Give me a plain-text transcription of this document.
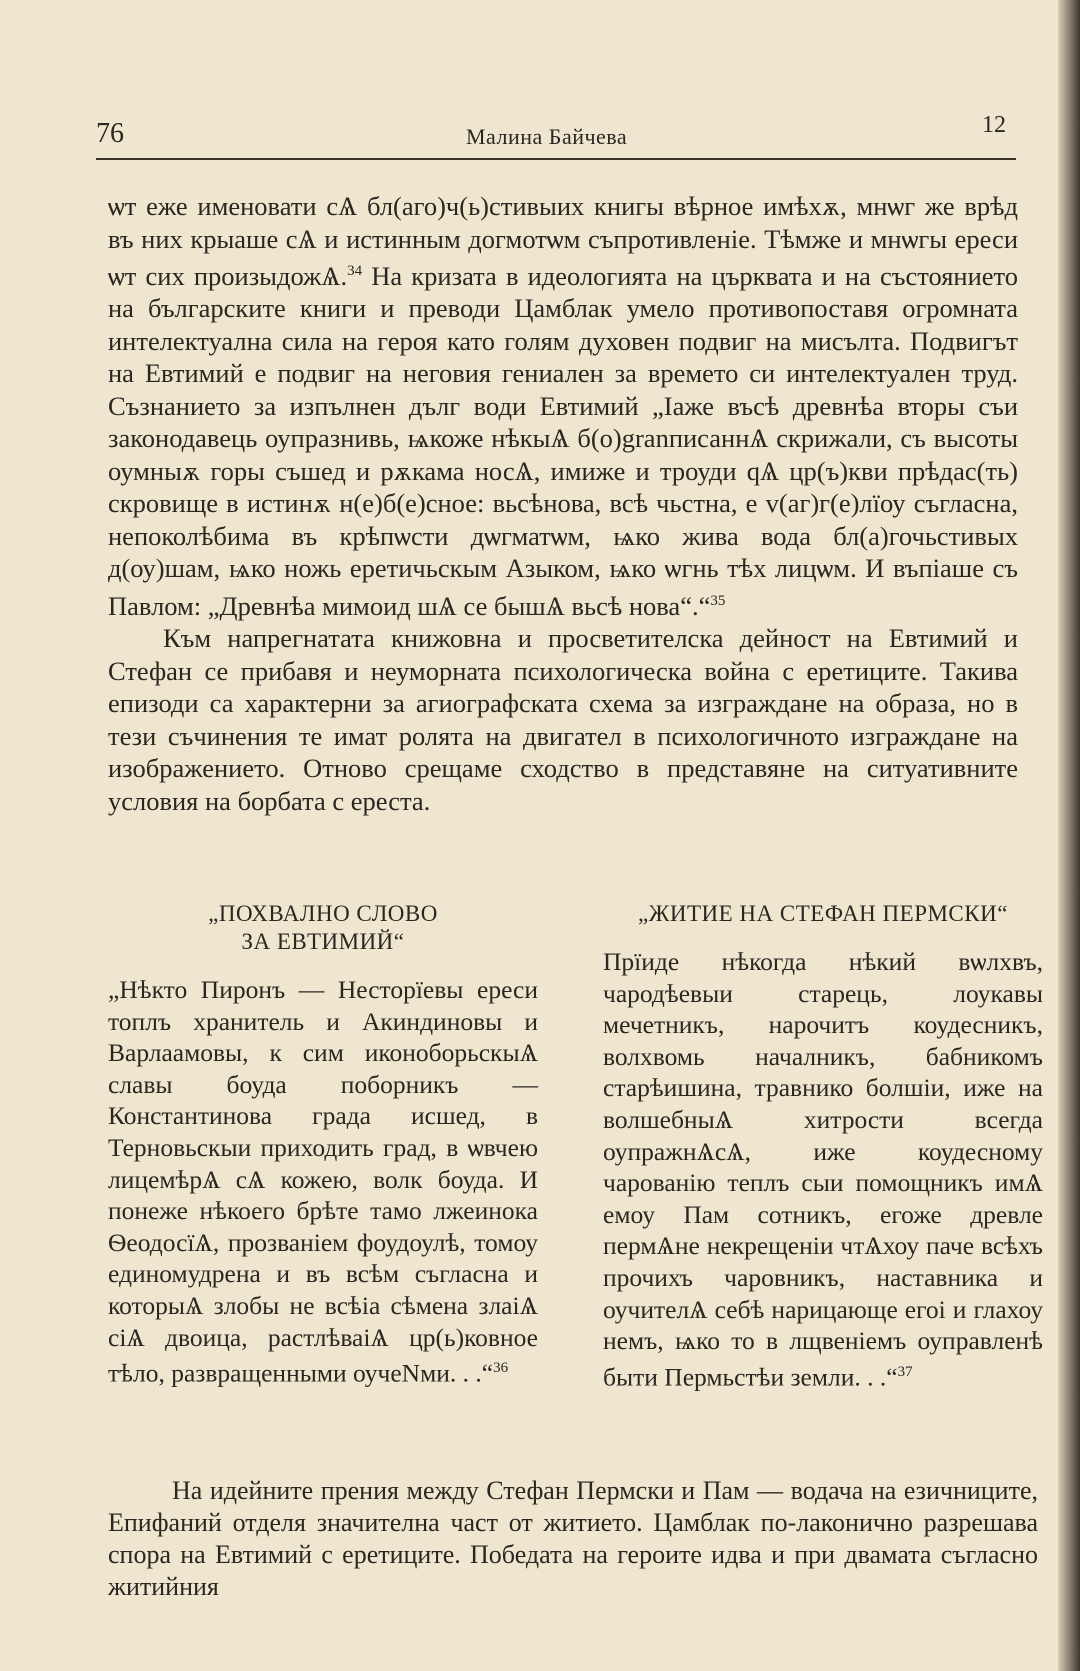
76	Малина Байчева	12

ѡт еже именовати сѦ бл(аго)ч(ь)стивыих книгы вѣрное имѣхѫ, мнѡг же врѣд въ них крыаше сѦ и истинным догмотѡм съпротивленіе. Тѣмже и мнѡгы ереси ѡт сих произыдожѦ.$^{34}$ На кризата в идеологията на църквата и на състоянието на българските книги и преводи Цамблак умело противопоставя огромната интелектуална сила на героя като голям духовен подвиг на мисълта. Подвигът на Евтимий е подвиг на неговия гениален за времето си интелектуален труд. Съзнанието за изпълнен дълг води Евтимий „Іаже въсѣ древнѣа вторы съи законодавець оупразнивь, ѩкоже нѣкыѦ б(о)granписаннѦ скрижали, съ высоты оумныѫ горы съшед и рѫкама носѦ, имиже и троуди qѦ цр(ъ)кви прѣдас(ть) скровище в истинѫ н(е)б(е)сное: вьсѣнова, всѣ чьстна, е v(аг)г(е)лїоу съгласна, непоколѣбима въ крѣпѡсти дѡгматѡм, ѩко жива вода бл(а)гочьстивых д(оу)шам, ѩко ножь еретичьскым Азыком, ѩко ѡгнь тѣх лицѡм. И въпіаше съ Павлом: „Древнѣа мимоид шѦ се бышѦ вьсѣ нова“.“$^{35}$

Към напрегнатата книжовна и просветителска дейност на Евтимий и Стефан се прибавя и неуморната психологическа война с еретиците. Такива епизоди са характерни за агиографската схема за изграждане на образа, но в тези съчинения те имат ролята на двигател в психологичното изграждане на изображението. Отново срещаме сходство в представяне на ситуативните условия на борбата с ереста.

„ПОХВАЛНО СЛОВО
ЗА ЕВТИМИЙ“

„Нѣкто Пиронъ — Несторїевы ереси топлъ хранитель и Акиндиновы и Варлаамовы, к сим иконоборьскыѦ славы боуда поборникъ — Константинова града исшед, в Терновьскыи приходить град, в ѡвчею лицемѣрѦ сѦ кожею, волк боуда. И понеже нѣкоего брѣте тамо лжеинока ѲеодосїѦ, прозваніем фоудоулѣ, томоу единомудрена и въ всѣм съгласна и которыѦ злобы не всѣіа сѣмена злаіѦ сіѦ двоица, растлѣваіѦ цр(ь)ковное тѣло, развращенными оучеNми. . .“$^{36}$

„ЖИТИЕ НА СТЕФАН ПЕРМСКИ“

Прїиде нѣкогда нѣкий вѡлхвъ, чародѣевыи старець, лоукавы мечетникъ, нарочитъ коудесникъ, волхвомь началникъ, бабникомъ старѣишина, травнико болшіи, иже на волшебныѦ хитрости всегда оупражнѦсѦ, иже коудесному чарованію теплъ сыи помощникъ имѦ емоу Пам сотникъ, егоже древле пермѦне некрещеніи чтѦхоу паче всѣхъ прочихъ чаровникъ, наставника и оучителѦ себѣ нарицающе егоі и глахоу немъ, ѩко то в лщвеніемъ оуправленѣ быти Пермьстѣи земли. . .“$^{37}$

На идейните прения между Стефан Пермски и Пам — водача на езичниците, Епифаний отделя значителна част от житието. Цамблак по-лаконично разрешава спора на Евтимий с еретиците. Победата на героите идва и при двамата съгласно житийния
